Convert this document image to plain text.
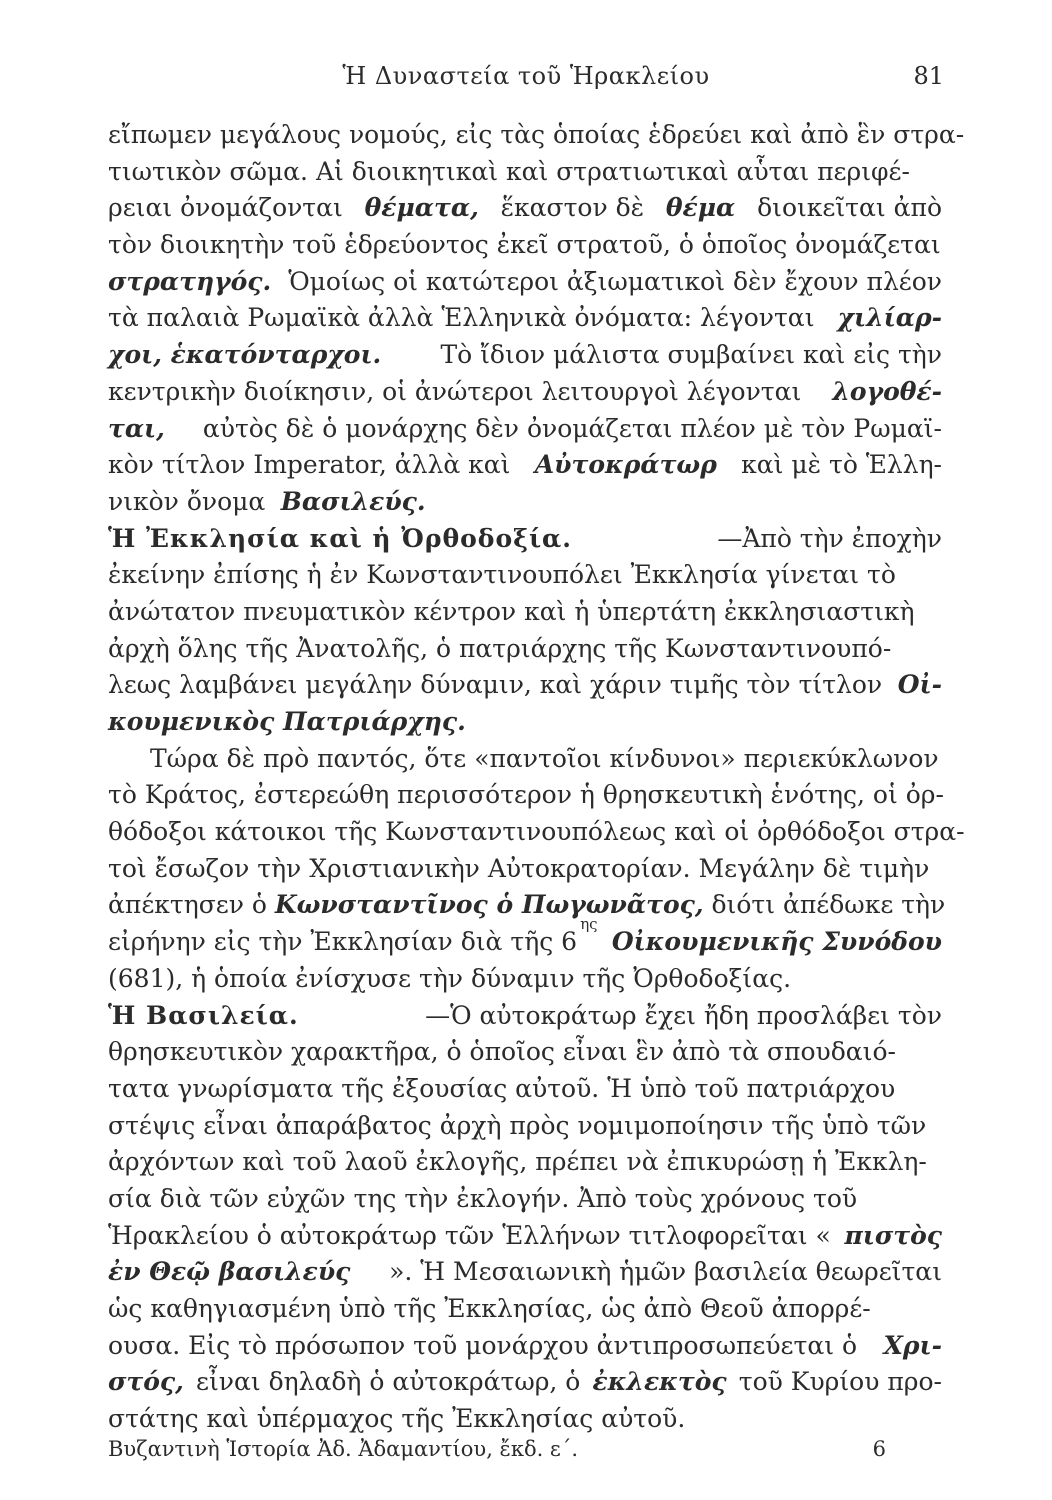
Ἡ Δυναστεία τοῦ Ἡρακλείου	81
εἴπωμεν μεγάλους νομούς, εἰς τὰς ὁποίας ἑδρεύει καὶ ἀπὸ ἓν στρα-
τιωτικὸν σῶμα. Αἱ διοικητικαὶ καὶ στρατιωτικαὶ αὗται περιφέ-
ρειαι ὀνομάζονται θέματα, ἕκαστον δὲ θέμα διοικεῖται ἀπὸ
τὸν διοικητὴν τοῦ ἑδρεύοντος ἐκεῖ στρατοῦ, ὁ ὁποῖος ὀνομάζεται
στρατηγός. Ὁμοίως οἱ κατώτεροι ἀξιωματικοὶ δὲν ἔχουν πλέον
τὰ παλαιὰ Ρωμαϊκὰ ἀλλὰ Ἑλληνικὰ ὀνόματα: λέγονται χιλίαρ-
χοι, ἑκατόνταρχοι. Τὸ ἴδιον μάλιστα συμβαίνει καὶ εἰς τὴν
κεντρικὴν διοίκησιν, οἱ ἀνώτεροι λειτουργοὶ λέγονται λογοθέ-
ται, αὐτὸς δὲ ὁ μονάρχης δὲν ὀνομάζεται πλέον μὲ τὸν Ρωμαϊ-
κὸν τίτλον Imperator, ἀλλὰ καὶ Αὐτοκράτωρ καὶ μὲ τὸ Ἑλλη-
νικὸν ὄνομα Βασιλεύς.
Ἡ Ἐκκλησία καὶ ἡ Ὀρθοδοξία.	—Ἀπὸ τὴν ἐποχὴν
ἐκείνην ἐπίσης ἡ ἐν Κωνσταντινουπόλει Ἐκκλησία γίνεται τὸ
ἀνώτατον πνευματικὸν κέντρον καὶ ἡ ὑπερτάτη ἐκκλησιαστικὴ
ἀρχὴ ὅλης τῆς Ἀνατολῆς, ὁ πατριάρχης τῆς Κωνσταντινουπό-
λεως λαμβάνει μεγάλην δύναμιν, καὶ χάριν τιμῆς τὸν τίτλον Οἰ-
κουμενικὸς Πατριάρχης.
Τώρα δὲ πρὸ παντός, ὅτε «παντοῖοι κίνδυνοι» περιεκύκλωνον
τὸ Κράτος, ἐστερεώθη περισσότερον ἡ θρησκευτικὴ ἑνότης, οἱ ὀρ-
θόδοξοι κάτοικοι τῆς Κωνσταντινουπόλεως καὶ οἱ ὀρθόδοξοι στρα-
τοὶ ἔσωζον τὴν Χριστιανικὴν Αὐτοκρατορίαν. Μεγάλην δὲ τιμὴν
ἀπέκτησεν ὁ Κωνσταντῖνος ὁ Πωγωνᾶτος, διότι ἀπέδωκε τὴν
εἰρήνην εἰς τὴν Ἐκκλησίαν διὰ τῆς 6
ης

Οἰκουμενικῆς Συνόδου
(681), ἡ ὁποία ἐνίσχυσε τὴν δύναμιν τῆς Ὀρθοδοξίας.
Ἡ Βασιλεία.	—Ὁ αὐτοκράτωρ ἔχει ἤδη προσλάβει τὸν
θρησκευτικὸν χαρακτῆρα, ὁ ὁποῖος εἶναι ἓν ἀπὸ τὰ σπουδαιό-
τατα γνωρίσματα τῆς ἐξουσίας αὐτοῦ. Ἡ ὑπὸ τοῦ πατριάρχου
στέψις εἶναι ἀπαράβατος ἀρχὴ πρὸς νομιμοποίησιν τῆς ὑπὸ τῶν
ἀρχόντων καὶ τοῦ λαοῦ ἐκλογῆς, πρέπει νὰ ἐπικυρώσῃ ἡ Ἐκκλη-
σία διὰ τῶν εὐχῶν της τὴν ἐκλογήν. Ἀπὸ τοὺς χρόνους τοῦ
Ἡρακλείου ὁ αὐτοκράτωρ τῶν Ἑλλήνων τιτλοφορεῖται « πιστὸς
ἐν Θεῷ βασιλεύς ». Ἡ Μεσαιωνικὴ ἡμῶν βασιλεία θεωρεῖται
ὡς καθηγιασμένη ὑπὸ τῆς Ἐκκλησίας, ὡς ἀπὸ Θεοῦ ἀπορρέ-
ουσα. Εἰς τὸ πρόσωπον τοῦ μονάρχου ἀντιπροσωπεύεται ὁ Χρι-
στός, εἶναι δηλαδὴ ὁ αὐτοκράτωρ, ὁ ἐκλεκτὸς τοῦ Κυρίου προ-
στάτης καὶ ὑπέρμαχος τῆς Ἐκκλησίας αὐτοῦ.
Βυζαντινὴ Ἱστορία Ἀδ. Ἀδαμαντίου, ἔκδ. ε΄.	6
